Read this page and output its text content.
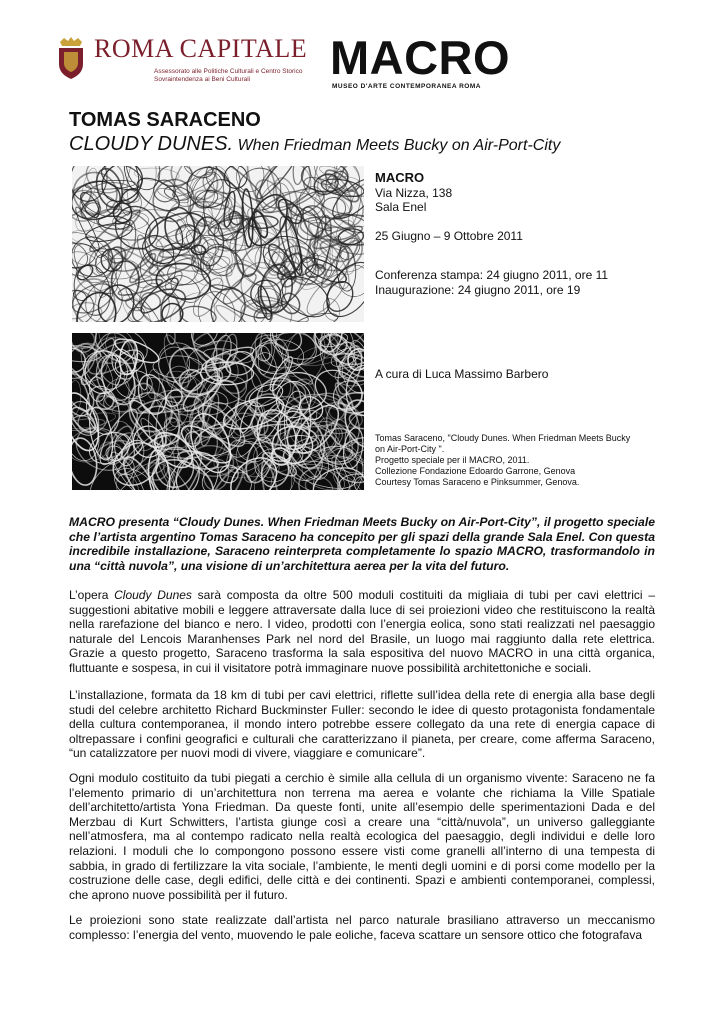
ROMA CAPITALE
Assessorato alle Politiche Culturali e Centro Storico
Sovraintendenza ai Beni Culturali	MACRO
MUSEO D'ARTE CONTEMPORANEA ROMA
TOMAS SARACENO
CLOUDY DUNES. When Friedman Meets Bucky on Air-Port-City
MACRO
Via Nizza, 138
Sala Enel
25 Giugno – 9 Ottobre 2011
Conferenza stampa: 24 giugno 2011, ore 11
Inaugurazione: 24 giugno 2011, ore 19
A cura di Luca Massimo Barbero
Tomas Saraceno, "Cloudy Dunes. When Friedman Meets Bucky
on Air-Port-City ".
Progetto speciale per il MACRO, 2011.
Collezione Fondazione Edoardo Garrone, Genova
Courtesy Tomas Saraceno e Pinksummer, Genova.

MACRO presenta “Cloudy Dunes. When Friedman Meets Bucky on Air-Port-City”, il progetto speciale che l’artista argentino Tomas Saraceno ha concepito per gli spazi della grande Sala Enel. Con questa incredibile installazione, Saraceno reinterpreta completamente lo spazio MACRO, trasformandolo in una “città nuvola”, una visione di un’architettura aerea per la vita del futuro.

L’opera Cloudy Dunes sarà composta da oltre 500 moduli costituiti da migliaia di tubi per cavi elettrici – suggestioni abitative mobili e leggere attraversate dalla luce di sei proiezioni video che restituiscono la realtà nella rarefazione del bianco e nero. I video, prodotti con l’energia eolica, sono stati realizzati nel paesaggio naturale del Lencois Maranhenses Park nel nord del Brasile, un luogo mai raggiunto dalla rete elettrica. Grazie a questo progetto, Saraceno trasforma la sala espositiva del nuovo MACRO in una città organica, fluttuante e sospesa, in cui il visitatore potrà immaginare nuove possibilità architettoniche e sociali.

L’installazione, formata da 18 km di tubi per cavi elettrici, riflette sull’idea della rete di energia alla base degli studi del celebre architetto Richard Buckminster Fuller: secondo le idee di questo protagonista fondamentale della cultura contemporanea, il mondo intero potrebbe essere collegato da una rete di energia capace di oltrepassare i confini geografici e culturali che caratterizzano il pianeta, per creare, come afferma Saraceno, “un catalizzatore per nuovi modi di vivere, viaggiare e comunicare”.

Ogni modulo costituito da tubi piegati a cerchio è simile alla cellula di un organismo vivente: Saraceno ne fa l’elemento primario di un’architettura non terrena ma aerea e volante che richiama la Ville Spatiale dell’architetto/artista Yona Friedman. Da queste fonti, unite all’esempio delle sperimentazioni Dada e del Merzbau di Kurt Schwitters, l’artista giunge così a creare una “città/nuvola”, un universo galleggiante nell’atmosfera, ma al contempo radicato nella realtà ecologica del paesaggio, degli individui e delle loro relazioni. I moduli che lo compongono possono essere visti come granelli all’interno di una tempesta di sabbia, in grado di fertilizzare la vita sociale, l’ambiente, le menti degli uomini e di porsi come modello per la costruzione delle case, degli edifici, delle città e dei continenti. Spazi e ambienti contemporanei, complessi, che aprono nuove possibilità per il futuro.

Le proiezioni sono state realizzate dall’artista nel parco naturale brasiliano attraverso un meccanismo complesso: l’energia del vento, muovendo le pale eoliche, faceva scattare un sensore ottico che fotografava
